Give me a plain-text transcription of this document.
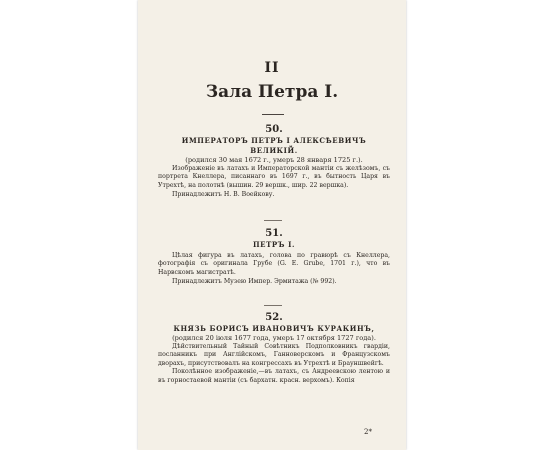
II
Зала Петра I.
50.
ИМПЕРАТОРЪ ПЕТРЪ I АЛЕКСѢЕВИЧЪ ВЕЛИКІЙ.
(родился 30 мая 1672 г., умеръ 28 января 1725 г.).

Изображеніе въ латахъ и Императорской мантіи съ желѣзомъ, съ портрета Кнеллера, писаннаго въ 1697 г., въ бытность Царя въ Утрехтѣ, на полотнѣ (вышин. 29 вершк., шир. 22 вершка).

Принадлежитъ Н. В. Воейкову.

51.
ПЕТРЪ I.

Цѣлая фигура въ латахъ, голова по гравюрѣ съ Кнеллера, фотографія съ оригинала Грубе (G. E. Grube, 1701 г.), что въ Нарвскомъ магистратѣ.

Принадлежитъ Музею Импер. Эрмитажа (№ 992).

52.
КНЯЗЬ БОРИСЪ ИВАНОВИЧЪ КУРАКИНЪ,
(родился 20 іюля 1677 года, умеръ 17 октября 1727 года).

Дѣйствительный Тайный Совѣтникъ Подполковникъ гвардіи, посланникъ при Англійскомъ, Ганноверскомъ и Французскомъ дворахъ, присутствовалъ на конгрессахъ въ Утрехтѣ и Брауншвейгѣ.

Поколѣнное изображеніе,—въ латахъ, съ Андреевскою лентою и въ горностаевой мантіи (съ бархатн. красн. верхомъ). Копія

2*
